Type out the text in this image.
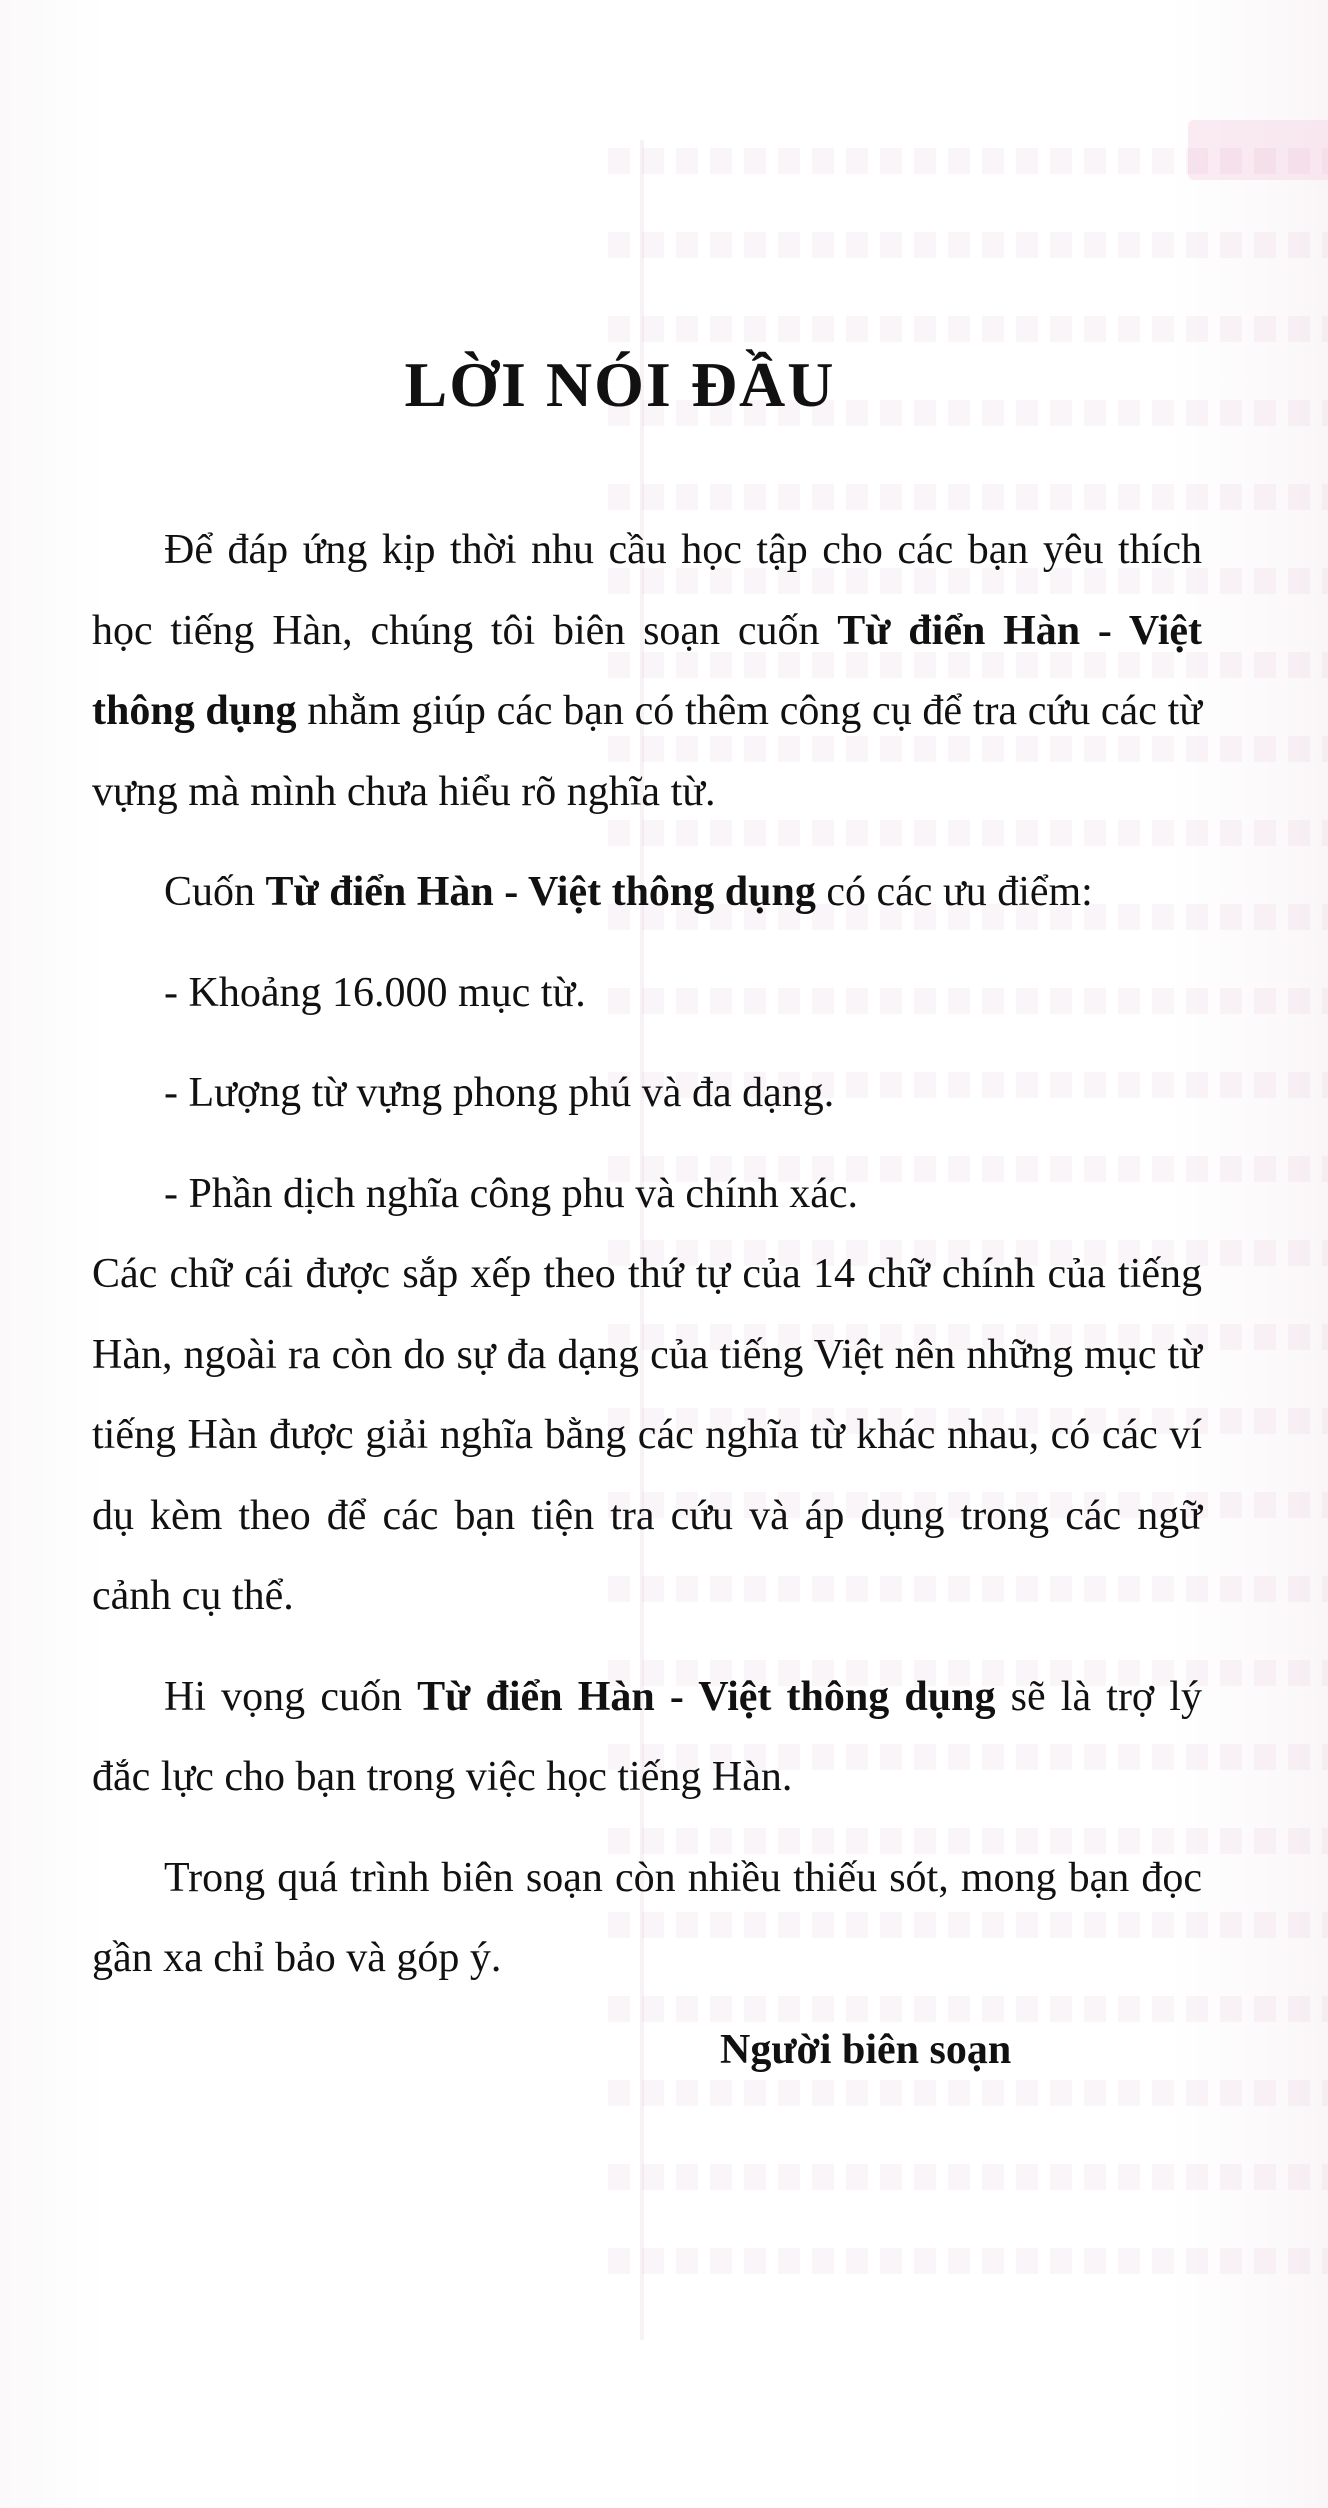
LỜI NÓI ĐẦU

Để đáp ứng kịp thời nhu cầu học tập cho các bạn yêu thích học tiếng Hàn, chúng tôi biên soạn cuốn Từ điển Hàn - Việt thông dụng nhằm giúp các bạn có thêm công cụ để tra cứu các từ vựng mà mình chưa hiểu rõ nghĩa từ.

Cuốn Từ điển Hàn - Việt thông dụng có các ưu điểm:

- Khoảng 16.000 mục từ.

- Lượng từ vựng phong phú và đa dạng.

- Phần dịch nghĩa công phu và chính xác.

Các chữ cái được sắp xếp theo thứ tự của 14 chữ chính của tiếng Hàn, ngoài ra còn do sự đa dạng của tiếng Việt nên những mục từ tiếng Hàn được giải nghĩa bằng các nghĩa từ khác nhau, có các ví dụ kèm theo để các bạn tiện tra cứu và áp dụng trong các ngữ cảnh cụ thể.

Hi vọng cuốn Từ điển Hàn - Việt thông dụng sẽ là trợ lý đắc lực cho bạn trong việc học tiếng Hàn.

Trong quá trình biên soạn còn nhiều thiếu sót, mong bạn đọc gần xa chỉ bảo và góp ý.

Người biên soạn
